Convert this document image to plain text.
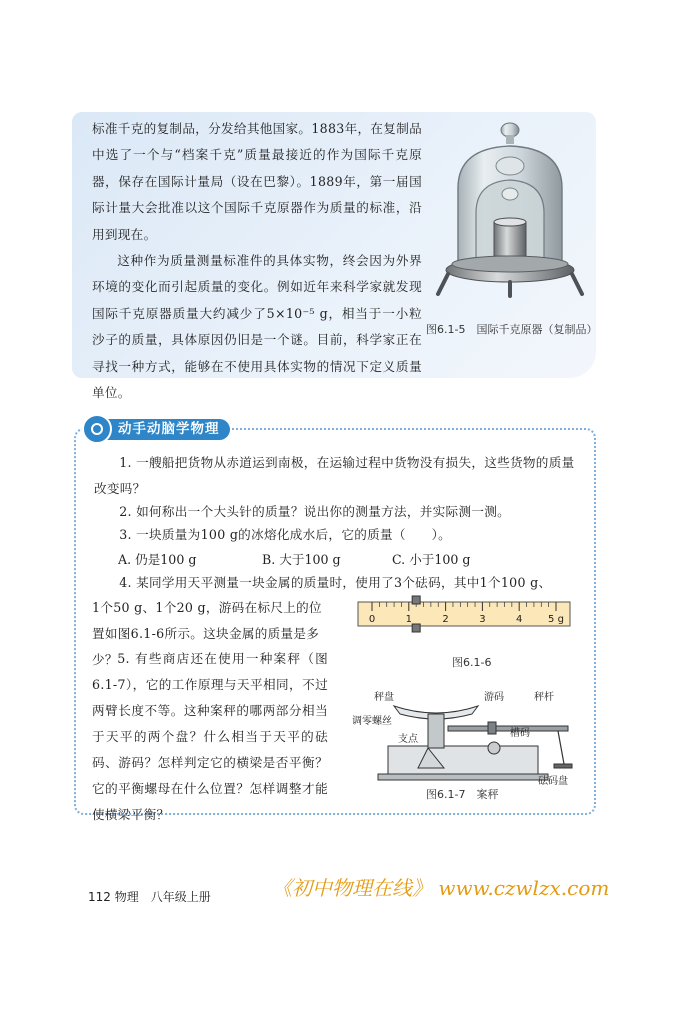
标准千克的复制品，分发给其他国家。1883年，在复制品中选了一个与“档案千克”质量最接近的作为国际千克原器，保存在国际计量局（设在巴黎）。1889年，第一届国际计量大会批准以这个国际千克原器作为质量的标准，沿用到现在。

这种作为质量测量标准件的具体实物，终会因为外界环境的变化而引起质量的变化。例如近年来科学家就发现国际千克原器质量大约减少了5×10⁻⁵ g，相当于一小粒沙子的质量，具体原因仍旧是一个谜。目前，科学家正在寻找一种方式，能够在不使用具体实物的情况下定义质量单位。

图6.1-5　国际千克原器（复制品）
动手动脑学物理
1. 一艘船把货物从赤道运到南极，在运输过程中货物没有损失，这些货物的质量改变吗？
2. 如何称出一个大头针的质量？说出你的测量方法，并实际测一测。
3. 一块质量为100 g的冰熔化成水后，它的质量（　　）。
A. 仍是100 g	B. 大于100 g	C. 小于100 g
4. 某同学用天平测量一块金属的质量时，使用了3个砝码，其中1个100 g、
1个50 g、1个20 g，游码在标尺上的位置如图6.1-6所示。这块金属的质量是多少？ 5. 有些商店还在使用一种案秤（图6.1-7），它的工作原理与天平相同，不过两臂长度不等。这种案秤的哪两部分相当于天平的两个盘？什么相当于天平的砝码、游码？怎样判定它的横梁是否平衡？它的平衡螺母在什么位置？怎样调整才能使横梁平衡？
0	1	2	3	4	5 g
图6.1-6
秤盘	游码	秤杆
调零螺丝
槽码
支点
砝码盘
图6.1-7　案秤
112 物理　八年级上册	《初中物理在线》 www.czwlzx.com
